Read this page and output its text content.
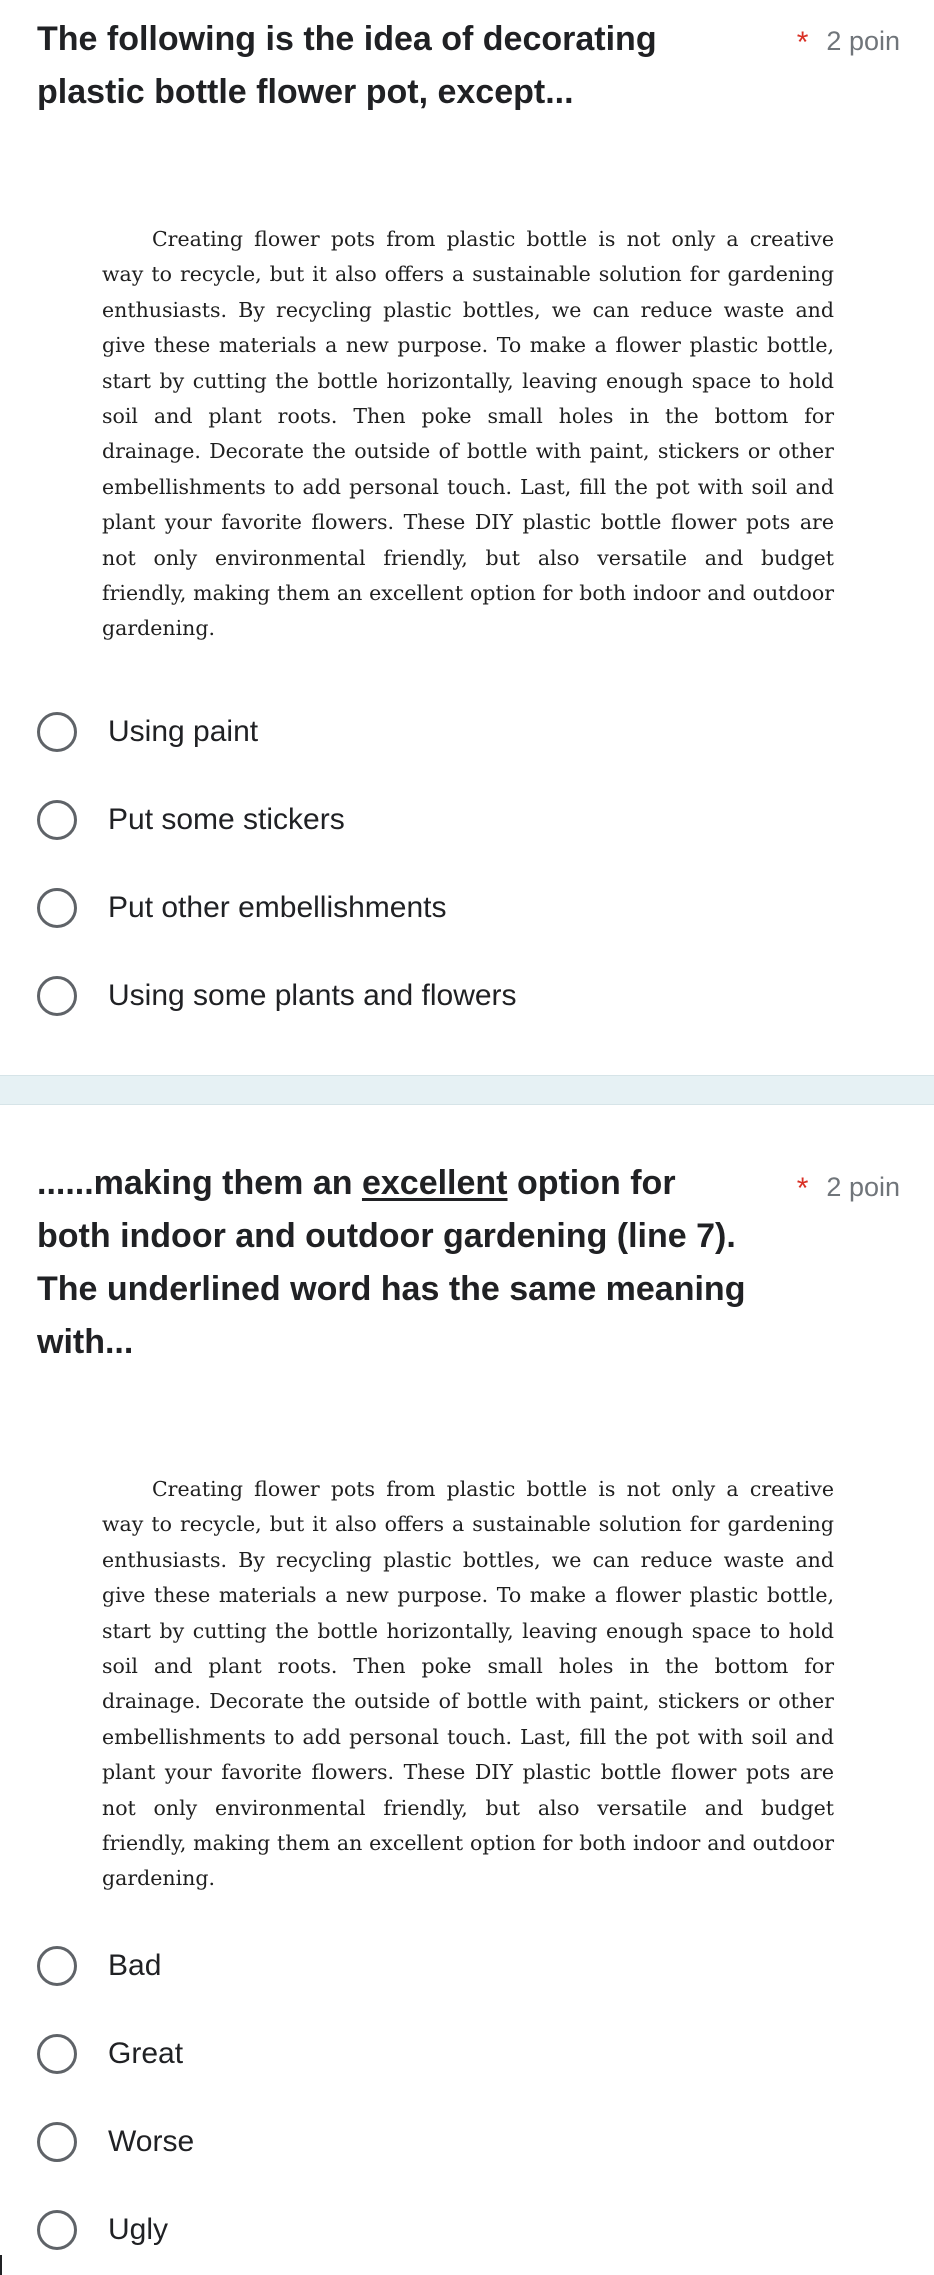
The following is the idea of decorating plastic bottle flower pot, except...
* 2 poin

Creating flower pots from plastic bottle is not only a creative way to recycle, but it also offers a sustainable solution for gardening enthusiasts. By recycling plastic bottles, we can reduce waste and give these materials a new purpose. To make a flower plastic bottle, start by cutting the bottle horizontally, leaving enough space to hold soil and plant roots. Then poke small holes in the bottom for drainage. Decorate the outside of bottle with paint, stickers or other embellishments to add personal touch. Last, fill the pot with soil and plant your favorite flowers. These DIY plastic bottle flower pots are not only environmental friendly, but also versatile and budget friendly, making them an excellent option for both indoor and outdoor gardening.

Using paint
Put some stickers
Put other embellishments
Using some plants and flowers
......making them an excellent option for both indoor and outdoor gardening (line 7).
The underlined word has the same meaning with...
* 2 poin

Creating flower pots from plastic bottle is not only a creative way to recycle, but it also offers a sustainable solution for gardening enthusiasts. By recycling plastic bottles, we can reduce waste and give these materials a new purpose. To make a flower plastic bottle, start by cutting the bottle horizontally, leaving enough space to hold soil and plant roots. Then poke small holes in the bottom for drainage. Decorate the outside of bottle with paint, stickers or other embellishments to add personal touch. Last, fill the pot with soil and plant your favorite flowers. These DIY plastic bottle flower pots are not only environmental friendly, but also versatile and budget friendly, making them an excellent option for both indoor and outdoor gardening.

Bad
Great
Worse
Ugly
